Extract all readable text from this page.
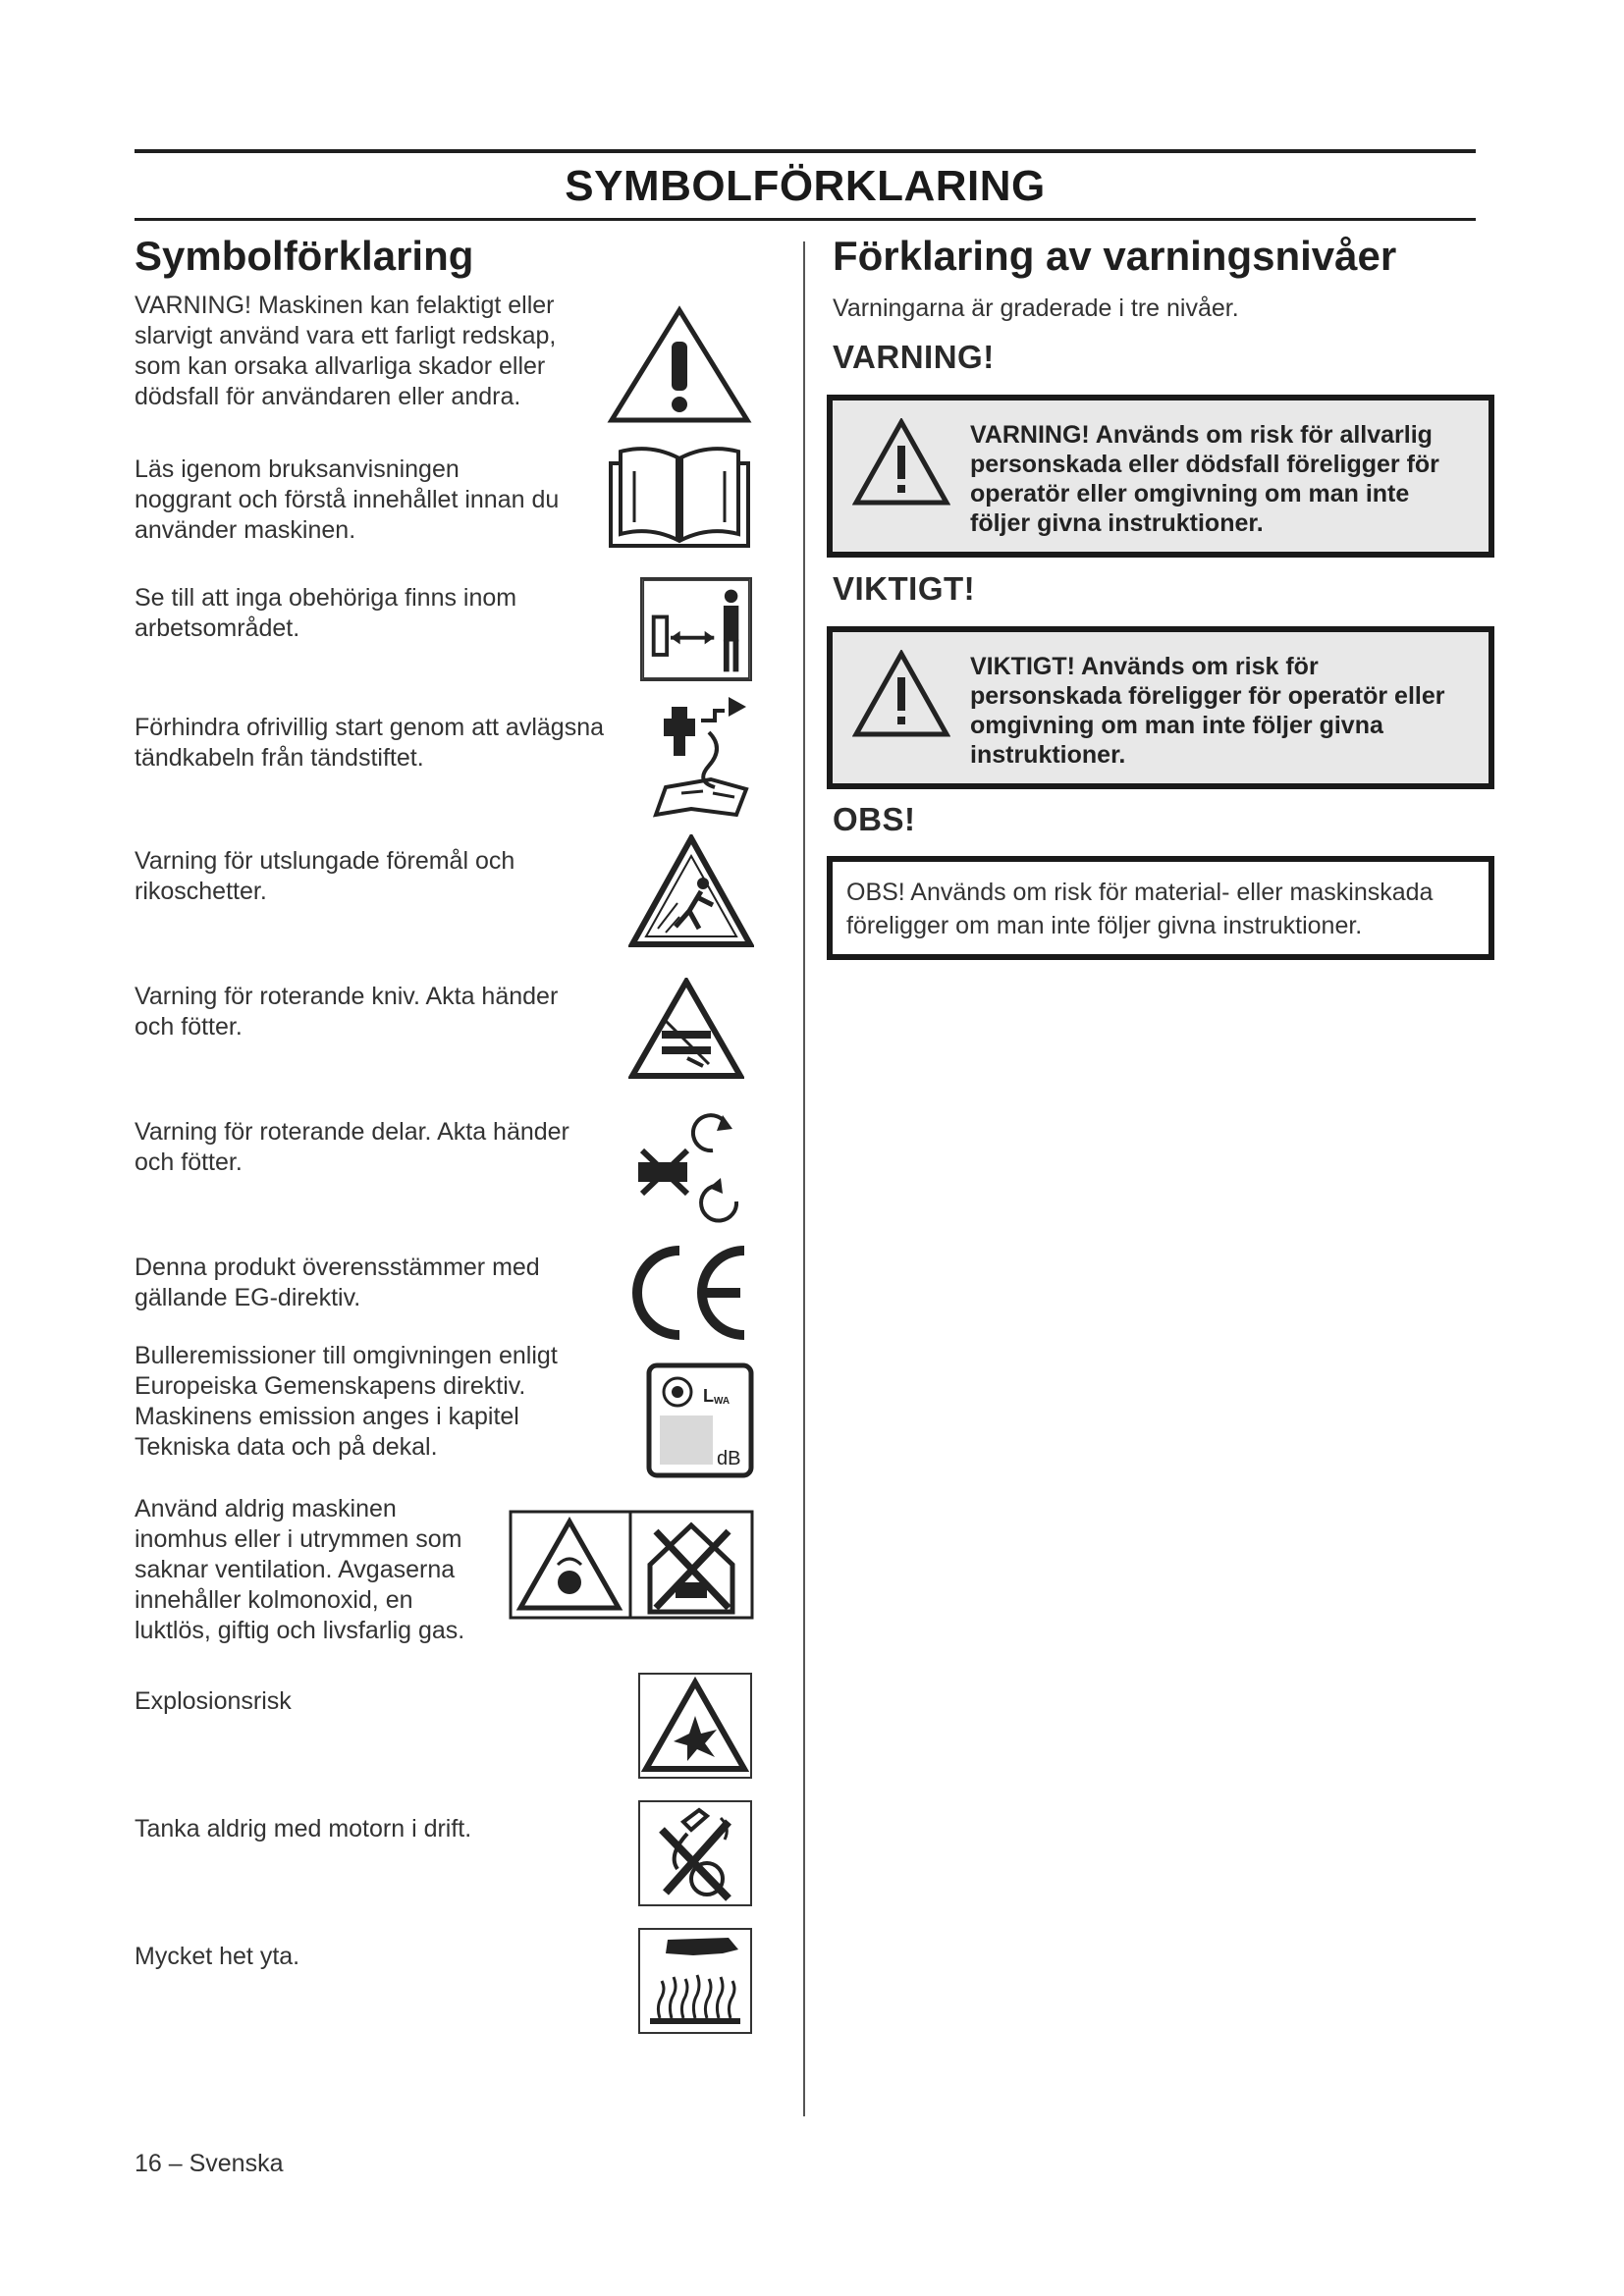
SYMBOLFÖRKLARING
Symbolförklaring
VARNING! Maskinen kan felaktigt eller
slarvigt använd vara ett farligt redskap,
som kan orsaka allvarliga skador eller
dödsfall för användaren eller andra.
Läs igenom bruksanvisningen
noggrant och förstå innehållet innan du
använder maskinen.
Se till att inga obehöriga finns inom
arbetsområdet.
Förhindra ofrivillig start genom att avlägsna
tändkabeln från tändstiftet.
Varning för utslungade föremål och
rikoschetter.
Varning för roterande kniv. Akta händer
och fötter.
Varning för roterande delar. Akta händer
och fötter.
Denna produkt överensstämmer med
gällande EG-direktiv.
Bulleremissioner till omgivningen enligt
Europeiska Gemenskapens direktiv.
Maskinens emission anges i kapitel
Tekniska data och på dekal.
LWA
dB
Använd aldrig maskinen
inomhus eller i utrymmen som
saknar ventilation. Avgaserna
innehåller kolmonoxid, en
luktlös, giftig och livsfarlig gas.
Explosionsrisk
Tanka aldrig med motorn i drift.
Mycket het yta.
Förklaring av varningsnivåer
Varningarna är graderade i tre nivåer.
VARNING!
VARNING! Används om risk för allvarlig
personskada eller dödsfall föreligger för
operatör eller omgivning om man inte
följer givna instruktioner.
VIKTIGT!
VIKTIGT! Används om risk för
personskada föreligger för operatör eller
omgivning om man inte följer givna
instruktioner.
OBS!
OBS! Används om risk för material- eller maskinskada
föreligger om man inte följer givna instruktioner.
16 – Svenska
